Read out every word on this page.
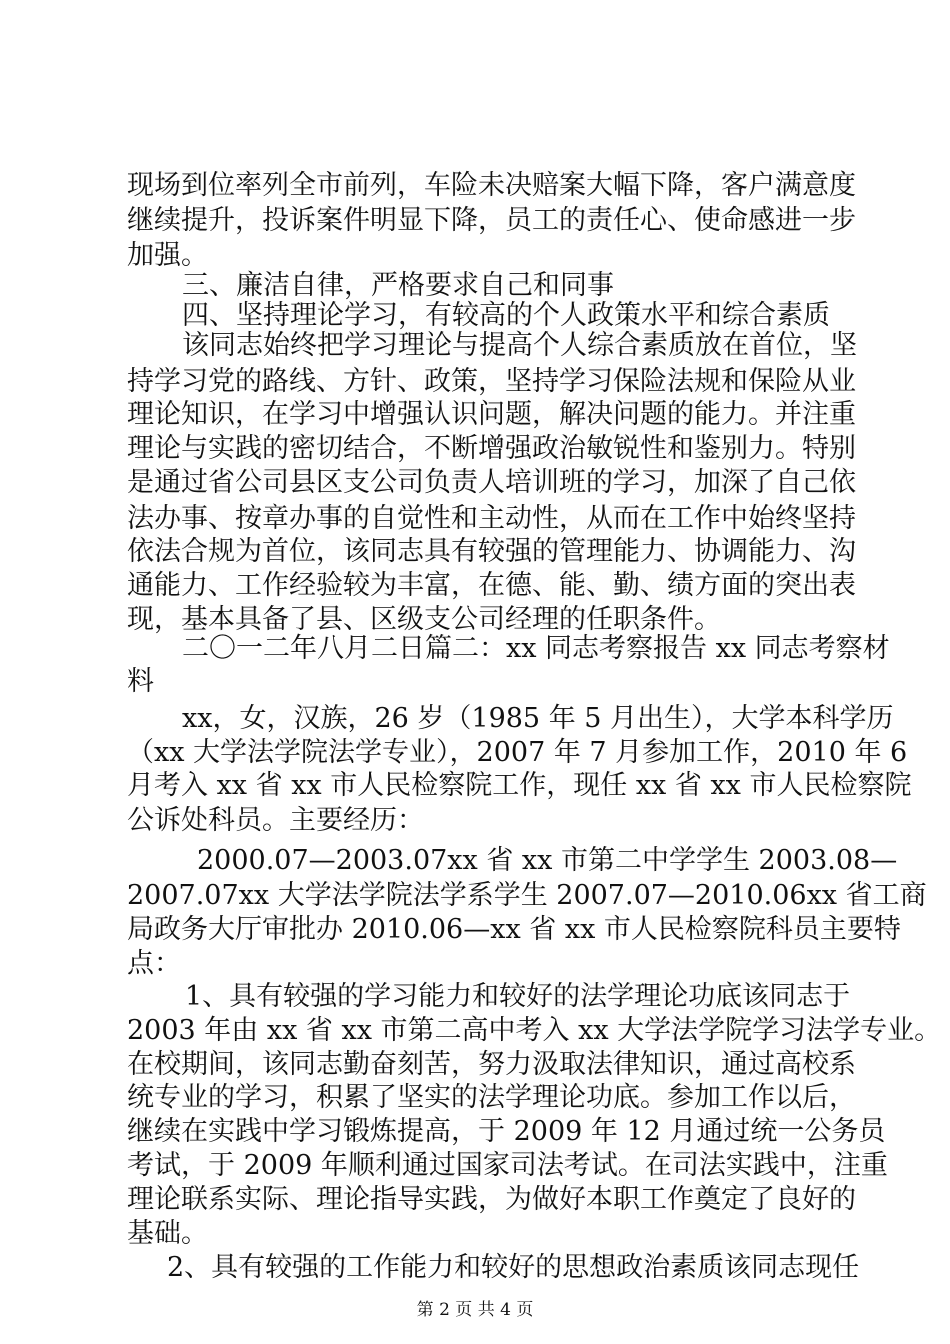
现场到位率列全市前列，车险未决赔案大幅下降，客户满意度
继续提升，投诉案件明显下降，员工的责任心、使命感进一步
加强。
三、廉洁自律，严格要求自己和同事
四、坚持理论学习，有较高的个人政策水平和综合素质
该同志始终把学习理论与提高个人综合素质放在首位，坚
持学习党的路线、方针、政策，坚持学习保险法规和保险从业
理论知识，在学习中增强认识问题，解决问题的能力。并注重
理论与实践的密切结合，不断增强政治敏锐性和鉴别力。特别
是通过省公司县区支公司负责人培训班的学习，加深了自己依
法办事、按章办事的自觉性和主动性，从而在工作中始终坚持
依法合规为首位，该同志具有较强的管理能力、协调能力、沟
通能力、工作经验较为丰富，在德、能、勤、绩方面的突出表
现，基本具备了县、区级支公司经理的任职条件。
二〇一二年八月二日篇二：xx 同志考察报告 xx 同志考察材
料
xx，女，汉族，26 岁（1985 年 5 月出生），大学本科学历
（xx 大学法学院法学专业），2007 年 7 月参加工作，2010 年 6
月考入 xx 省 xx 市人民检察院工作，现任 xx 省 xx 市人民检察院
公诉处科员。主要经历：
2000.07—2003.07xx 省 xx 市第二中学学生 2003.08—
2007.07xx 大学法学院法学系学生 2007.07—2010.06xx 省工商
局政务大厅审批办 2010.06—xx 省 xx 市人民检察院科员主要特
点：
1、具有较强的学习能力和较好的法学理论功底该同志于
2003 年由 xx 省 xx 市第二高中考入 xx 大学法学院学习法学专业。
在校期间，该同志勤奋刻苦，努力汲取法律知识，通过高校系
统专业的学习，积累了坚实的法学理论功底。参加工作以后，
继续在实践中学习锻炼提高，于 2009 年 12 月通过统一公务员
考试，于 2009 年顺利通过国家司法考试。在司法实践中，注重
理论联系实际、理论指导实践，为做好本职工作奠定了良好的
基础。
2、具有较强的工作能力和较好的思想政治素质该同志现任
第 2 页 共 4 页
